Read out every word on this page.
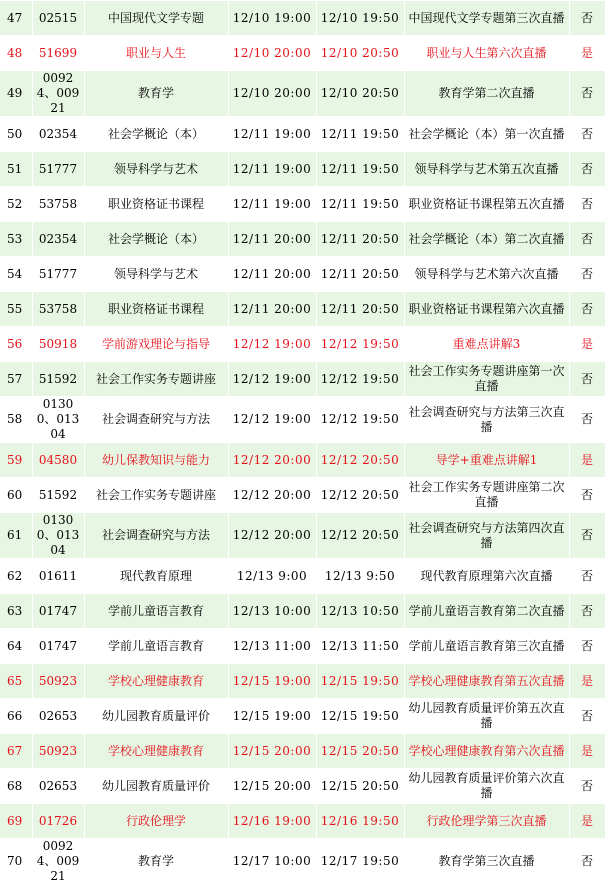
47	02515	中国现代文学专题	12/10 19:00	12/10 19:50	中国现代文学专题第三次直播	否
48	51699	职业与人生	12/10 20:00	12/10 20:50	职业与人生第六次直播	是
49	00924、00921	教育学	12/10 20:00	12/10 20:50	教育学第二次直播	否
50	02354	社会学概论（本）	12/11 19:00	12/11 19:50	社会学概论（本）第一次直播	否
51	51777	领导科学与艺术	12/11 19:00	12/11 19:50	领导科学与艺术第五次直播	否
52	53758	职业资格证书课程	12/11 19:00	12/11 19:50	职业资格证书课程第五次直播	否
53	02354	社会学概论（本）	12/11 20:00	12/11 20:50	社会学概论（本）第二次直播	否
54	51777	领导科学与艺术	12/11 20:00	12/11 20:50	领导科学与艺术第六次直播	否
55	53758	职业资格证书课程	12/11 20:00	12/11 20:50	职业资格证书课程第六次直播	否
56	50918	学前游戏理论与指导	12/12 19:00	12/12 19:50	重难点讲解3	是
57	51592	社会工作实务专题讲座	12/12 19:00	12/12 19:50	社会工作实务专题讲座第一次直播	否
58	01300、01304	社会调查研究与方法	12/12 19:00	12/12 19:50	社会调查研究与方法第三次直播	否
59	04580	幼儿保教知识与能力	12/12 20:00	12/12 20:50	导学+重难点讲解1	是
60	51592	社会工作实务专题讲座	12/12 20:00	12/12 20:50	社会工作实务专题讲座第二次直播	否
61	01300、01304	社会调查研究与方法	12/12 20:00	12/12 20:50	社会调查研究与方法第四次直播	否
62	01611	现代教育原理	12/13 9:00	12/13 9:50	现代教育原理第六次直播	否
63	01747	学前儿童语言教育	12/13 10:00	12/13 10:50	学前儿童语言教育第二次直播	否
64	01747	学前儿童语言教育	12/13 11:00	12/13 11:50	学前儿童语言教育第三次直播	否
65	50923	学校心理健康教育	12/15 19:00	12/15 19:50	学校心理健康教育第五次直播	是
66	02653	幼儿园教育质量评价	12/15 19:00	12/15 19:50	幼儿园教育质量评价第五次直播	否
67	50923	学校心理健康教育	12/15 20:00	12/15 20:50	学校心理健康教育第六次直播	是
68	02653	幼儿园教育质量评价	12/15 20:00	12/15 20:50	幼儿园教育质量评价第六次直播	否
69	01726	行政伦理学	12/16 19:00	12/16 19:50	行政伦理学第三次直播	是
70	00924、00921	教育学	12/17 10:00	12/17 19:50	教育学第三次直播	否
